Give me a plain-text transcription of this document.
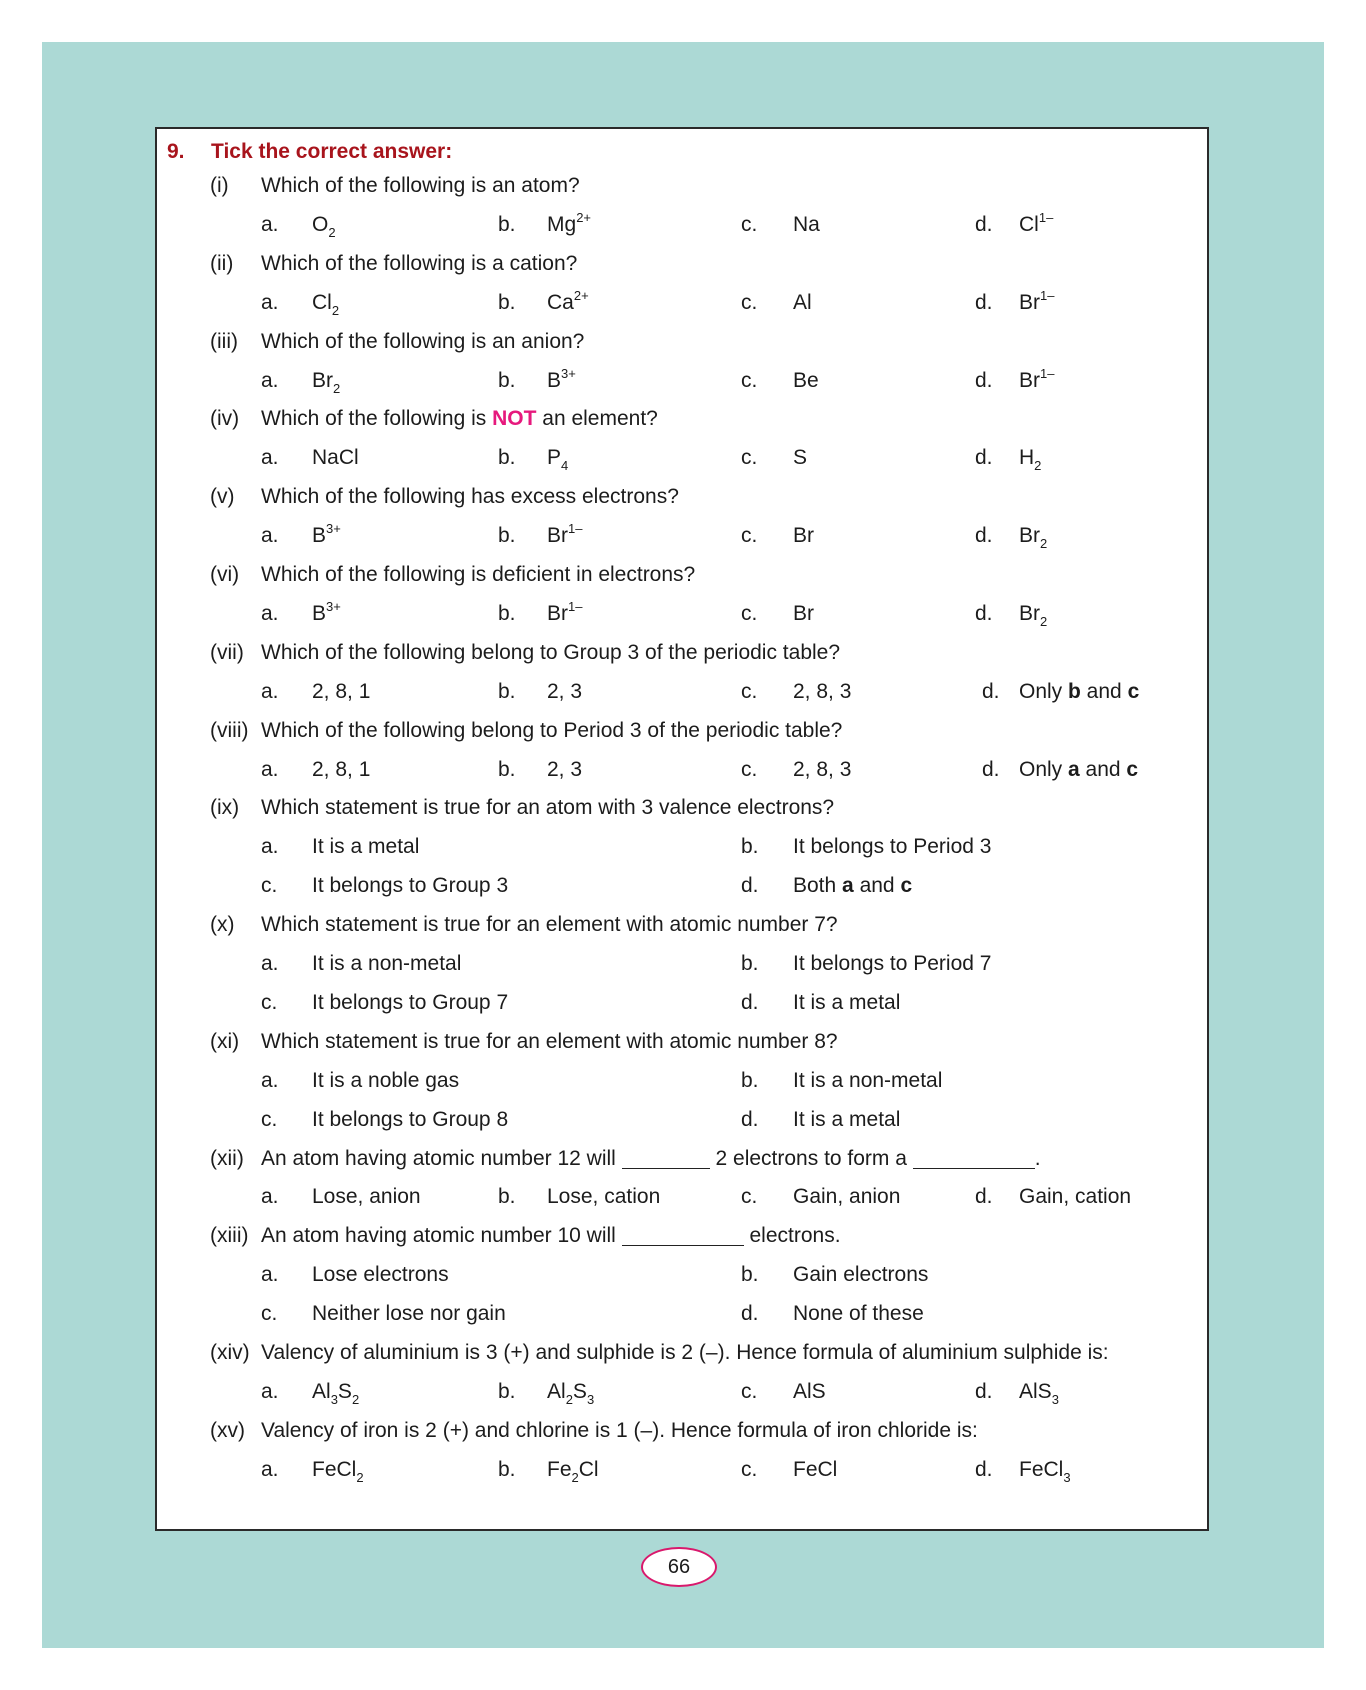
9. Tick the correct answer:
(i) Which of the following is an atom?
a. $O_2$	b. $Mg^{2+}$	c. Na	d. $Cl^{1-}$
(ii) Which of the following is a cation?
a. $Cl_2$	b. $Ca^{2+}$	c. Al	d. $Br^{1-}$
(iii) Which of the following is an anion?
a. $Br_2$	b. $B^{3+}$	c. Be	d. $Br^{1-}$
(iv) Which of the following is NOT an element?
a. NaCl	b. $P_4$	c. S	d. $H_2$
(v) Which of the following has excess electrons?
a. $B^{3+}$	b. $Br^{1-}$	c. Br	d. $Br_2$
(vi) Which of the following is deficient in electrons?
a. $B^{3+}$	b. $Br^{1-}$	c. Br	d. $Br_2$
(vii) Which of the following belong to Group 3 of the periodic table?
a. 2, 8, 1	b. 2, 3	c. 2, 8, 3	d. Only b and c
(viii) Which of the following belong to Period 3 of the periodic table?
a. 2, 8, 1	b. 2, 3	c. 2, 8, 3	d. Only a and c
(ix) Which statement is true for an atom with 3 valence electrons?
a. It is a metal	b. It belongs to Period 3
c. It belongs to Group 3	d. Both a and c
(x) Which statement is true for an element with atomic number 7?
a. It is a non-metal	b. It belongs to Period 7
c. It belongs to Group 7	d. It is a metal
(xi) Which statement is true for an element with atomic number 8?
a. It is a noble gas	b. It is a non-metal
c. It belongs to Group 8	d. It is a metal
(xii) An atom having atomic number 12 will	2 electrons to form a	.
a. Lose, anion	b. Lose, cation	c. Gain, anion	d. Gain, cation
(xiii) An atom having atomic number 10 will	electrons.
a. Lose electrons	b. Gain electrons
c. Neither lose nor gain	d. None of these
(xiv) Valency of aluminium is 3 (+) and sulphide is 2 (–). Hence formula of aluminium sulphide is:
a. $Al_3S_2$	b. $Al_2S_3$	c. AlS	d. AlS$_3$
(xv) Valency of iron is 2 (+) and chlorine is 1 (–). Hence formula of iron chloride is:
a. FeCl$_2$	b. $Fe_2Cl$	c. FeCl	d. FeCl$_3$
66
